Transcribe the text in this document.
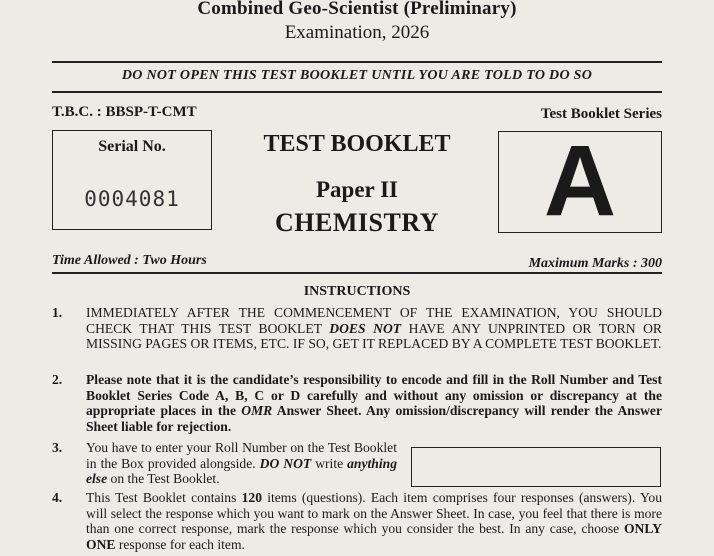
Combined Geo-Scientist (Preliminary)
Examination, 2026
DO NOT OPEN THIS TEST BOOKLET UNTIL YOU ARE TOLD TO DO SO
T.B.C. : BBSP-T-CMT	Test Booklet Series
Serial No.
0004081
TEST BOOKLET
Paper II
CHEMISTRY	A
Time Allowed : Two Hours	Maximum Marks : 300
INSTRUCTIONS
1. IMMEDIATELY AFTER THE COMMENCEMENT OF THE EXAMINATION, YOU SHOULD CHECK THAT THIS TEST BOOKLET DOES NOT HAVE ANY UNPRINTED OR TORN OR MISSING PAGES OR ITEMS, ETC. IF SO, GET IT REPLACED BY A COMPLETE TEST BOOKLET.
2. Please note that it is the candidate’s responsibility to encode and fill in the Roll Number and Test Booklet Series Code A, B, C or D carefully and without any omission or discrepancy at the appropriate places in the OMR Answer Sheet. Any omission/discrepancy will render the Answer Sheet liable for rejection.
3. You have to enter your Roll Number on the Test Booklet in the Box provided alongside. DO NOT write anything else on the Test Booklet.
4. This Test Booklet contains 120 items (questions). Each item comprises four responses (answers). You will select the response which you want to mark on the Answer Sheet. In case, you feel that there is more than one correct response, mark the response which you consider the best. In any case, choose ONLY ONE response for each item.
